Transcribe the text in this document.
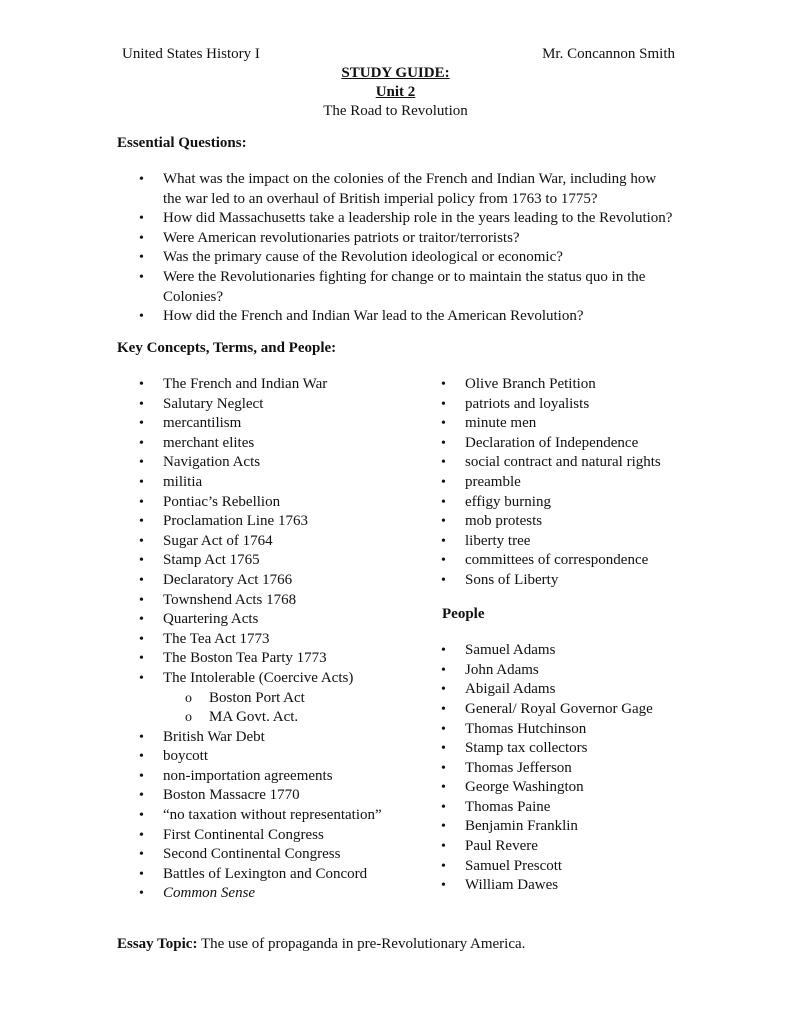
United States History I	Mr. Concannon Smith
STUDY GUIDE:
Unit 2
The Road to Revolution
Essential Questions:
• What was the impact on the colonies of the French and Indian War, including how the war led to an overhaul of British imperial policy from 1763 to 1775?
• How did Massachusetts take a leadership role in the years leading to the Revolution?
• Were American revolutionaries patriots or traitor/terrorists?
• Was the primary cause of the Revolution ideological or economic?
• Were the Revolutionaries fighting for change or to maintain the status quo in the Colonies?
• How did the French and Indian War lead to the American Revolution?
Key Concepts, Terms, and People:
• The French and Indian War
• Salutary Neglect
• mercantilism
• merchant elites
• Navigation Acts
• militia
• Pontiac’s Rebellion
• Proclamation Line 1763
• Sugar Act of 1764
• Stamp Act 1765
• Declaratory Act 1766
• Townshend Acts 1768
• Quartering Acts
• The Tea Act 1773
• The Boston Tea Party 1773
• The Intolerable (Coercive Acts)
o Boston Port Act
o MA Govt. Act.
• British War Debt
• boycott
• non-importation agreements
• Boston Massacre 1770
• “no taxation without representation”
• First Continental Congress
• Second Continental Congress
• Battles of Lexington and Concord
• Common Sense
• Olive Branch Petition
• patriots and loyalists
• minute men
• Declaration of Independence
• social contract and natural rights
• preamble
• effigy burning
• mob protests
• liberty tree
• committees of correspondence
• Sons of Liberty
People
• Samuel Adams
• John Adams
• Abigail Adams
• General/ Royal Governor Gage
• Thomas Hutchinson
• Stamp tax collectors
• Thomas Jefferson
• George Washington
• Thomas Paine
• Benjamin Franklin
• Paul Revere
• Samuel Prescott
• William Dawes
Essay Topic: The use of propaganda in pre-Revolutionary America.
